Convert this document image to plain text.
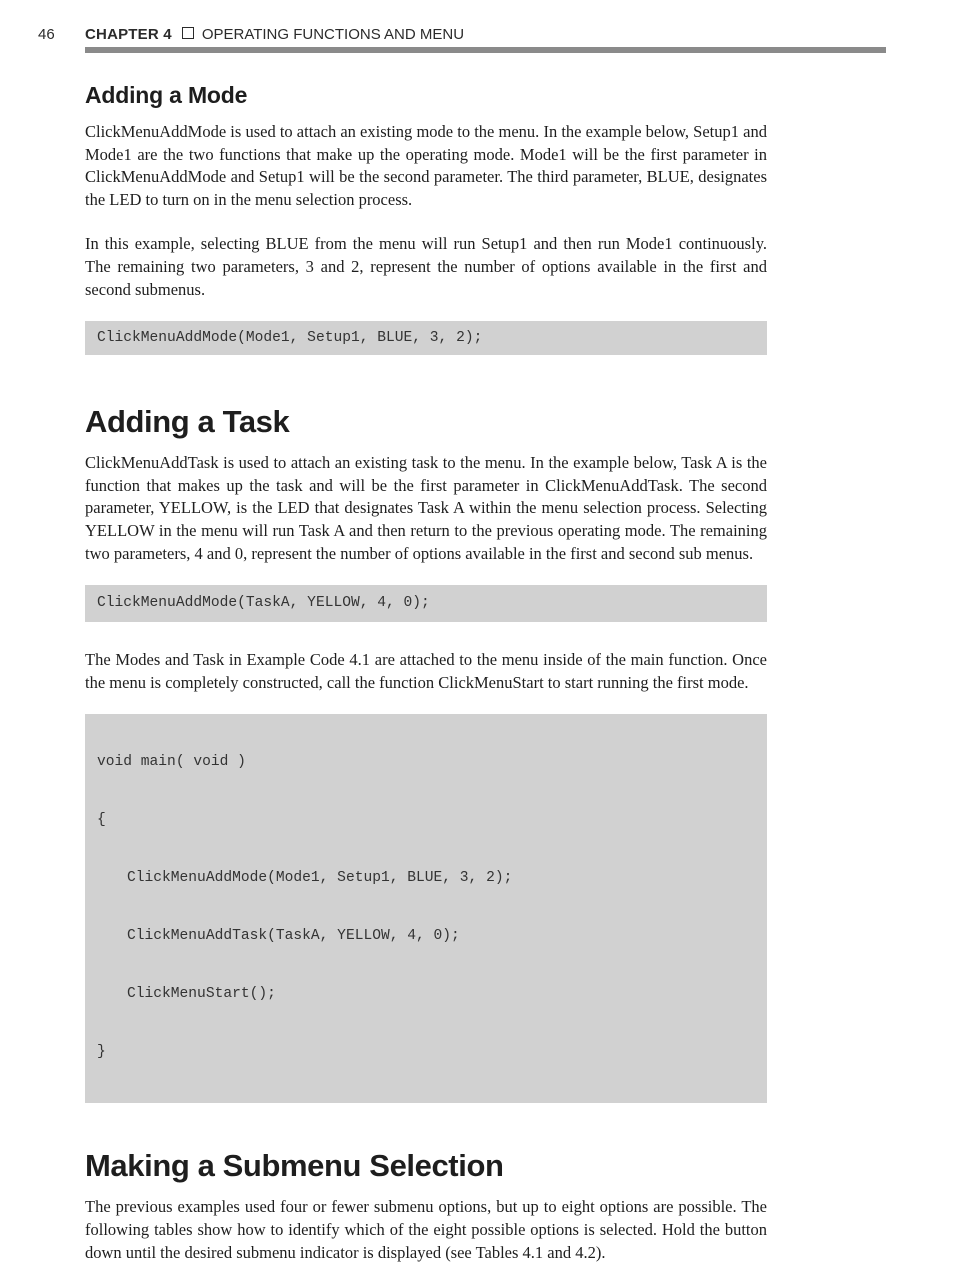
46 CHAPTER 4 OPERATING FUNCTIONS AND MENU
Adding a Mode

ClickMenuAddMode is used to attach an existing mode to the menu. In the example below, Setup1 and Mode1 are the two functions that make up the operating mode. Mode1 will be the first parameter in ClickMenuAddMode and Setup1 will be the second parameter. The third parameter, BLUE, designates the LED to turn on in the menu selection process.

In this example, selecting BLUE from the menu will run Setup1 and then run Mode1 continuously. The remaining two parameters, 3 and 2, represent the number of options available in the first and second submenus.

ClickMenuAddMode(Mode1, Setup1, BLUE, 3, 2);
Adding a Task

ClickMenuAddTask is used to attach an existing task to the menu. In the example below, Task A is the function that makes up the task and will be the first parameter in ClickMenuAddTask. The second parameter, YELLOW, is the LED that designates Task A within the menu selection process. Selecting YELLOW in the menu will run Task A and then return to the previous operating mode. The remaining two parameters, 4 and 0, represent the number of options available in the first and second sub menus.

ClickMenuAddMode(TaskA, YELLOW, 4, 0);

The Modes and Task in Example Code 4.1 are attached to the menu inside of the main function. Once the menu is completely constructed, call the function ClickMenuStart to start running the first mode.

void main( void )

{

ClickMenuAddMode(Mode1, Setup1, BLUE, 3, 2);

ClickMenuAddTask(TaskA, YELLOW, 4, 0);

ClickMenuStart();

}

Making a Submenu Selection

The previous examples used four or fewer submenu options, but up to eight options are possible. The following tables show how to identify which of the eight possible options is selected. Hold the button down until the desired submenu indicator is displayed (see Tables 4.1 and 4.2).
